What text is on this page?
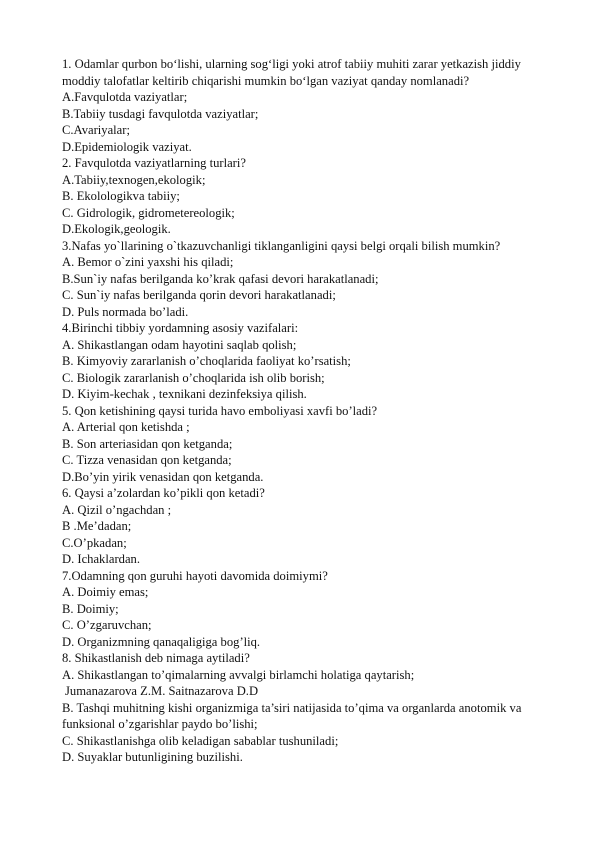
1. Odamlar qurbon bo‘lishi, ularning sog‘ligi yoki atrof tabiiy muhiti zarar yetkazish jiddiy moddiy talofatlar keltirib chiqarishi mumkin bo‘lgan vaziyat qanday nomlanadi?
A.Favqulotda vaziyatlar;
B.Tabiiy tusdagi favqulotda vaziyatlar;
C.Avariyalar;
D.Epidemiologik vaziyat.
2. Favqulotda vaziyatlarning turlari?
A.Tabiiy,texnogen,ekologik;
B. Ekolologikva tabiiy;
C. Gidrologik, gidrometereologik;
D.Ekologik,geologik.
3.Nafas yo`llarining o`tkazuvchanligi tiklanganligini qaysi belgi orqali bilish mumkin?
A. Bemor o`zini yaxshi his qiladi;
B.Sun`iy nafas berilganda ko’krak qafasi devori harakatlanadi;
C. Sun`iy nafas berilganda qorin devori harakatlanadi;
D. Puls normada bo’ladi.
4.Birinchi tibbiy yordamning asosiy vazifalari:
A. Shikastlangan odam hayotini saqlab qolish;
B. Kimyoviy zararlanish o’choqlarida faoliyat ko’rsatish;
C. Biologik zararlanish o’choqlarida ish olib borish;
D. Kiyim-kechak , texnikani dezinfeksiya qilish.
5. Qon ketishining qaysi turida havo emboliyasi xavfi bo’ladi?
A. Arterial qon ketishda ;
B. Son arteriasidan qon ketganda;
C. Tizza venasidan qon ketganda;
D.Bo’yin yirik venasidan qon ketganda.
6. Qaysi a’zolardan ko’pikli qon ketadi?
A. Qizil o’ngachdan ;
B .Me’dadan;
C.O’pkadan;
D. Ichaklardan.
7.Odamning qon guruhi hayoti davomida doimiymi?
A. Doimiy emas;
B. Doimiy;
C. O’zgaruvchan;
D. Organizmning qanaqaligiga bog’liq.
8. Shikastlanish deb nimaga aytiladi?
A. Shikastlangan to’qimalarning avvalgi birlamchi holatiga qaytarish;
Jumanazarova Z.M. Saitnazarova D.D
B. Tashqi muhitning kishi organizmiga ta’siri natijasida to’qima va organlarda anotomik va funksional o’zgarishlar paydo bo’lishi;
C. Shikastlanishga olib keladigan sabablar tushuniladi;
D. Suyaklar butunligining buzilishi.
